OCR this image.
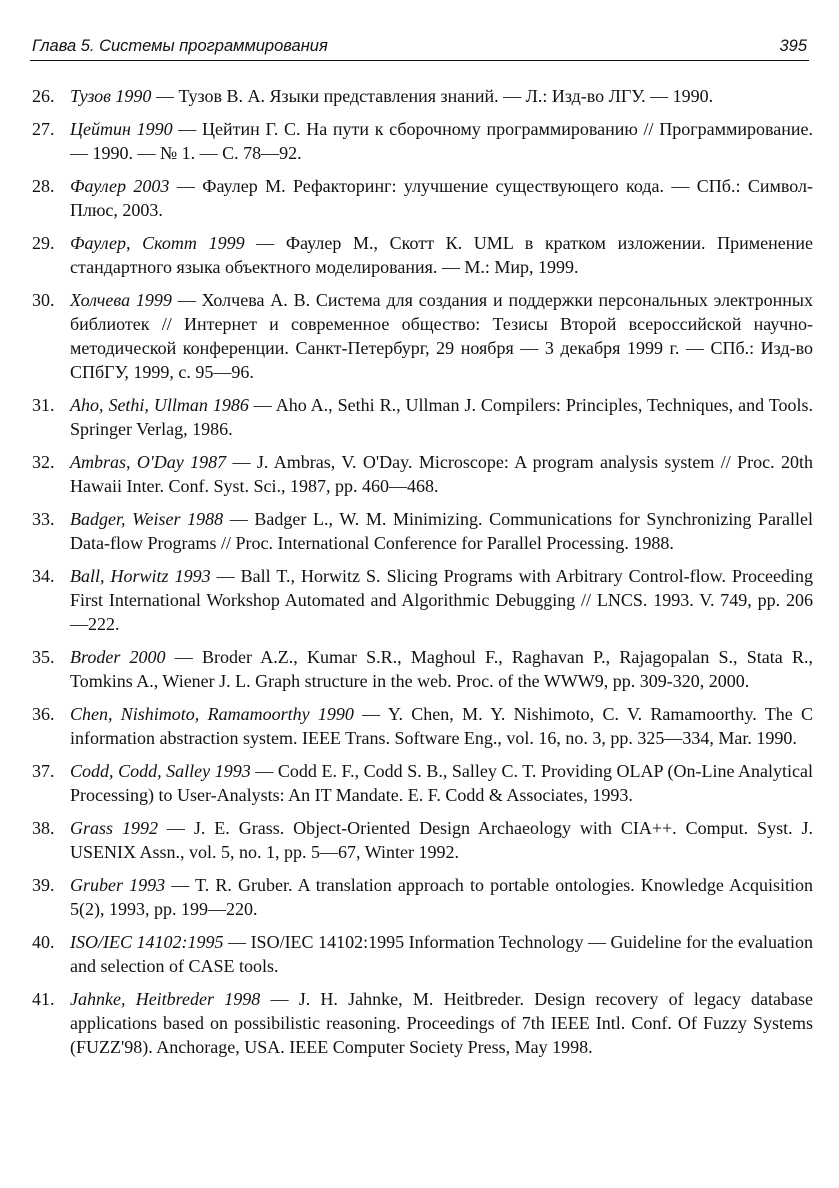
Глава 5. Системы программирования	395
26. Тузов 1990 — Тузов В. А. Языки представления знаний. — Л.: Изд-во ЛГУ. — 1990.
27. Цейтин 1990 — Цейтин Г. С. На пути к сборочному программированию // Программирование. — 1990. — № 1. — С. 78—92.
28. Фаулер 2003 — Фаулер М. Рефакторинг: улучшение существующего кода. — СПб.: Символ-Плюс, 2003.
29. Фаулер, Скотт 1999 — Фаулер М., Скотт К. UML в кратком изложении. Применение стандартного языка объектного моделирования. — М.: Мир, 1999.
30. Холчева 1999 — Холчева А. В. Система для создания и поддержки персональных электронных библиотек // Интернет и современное общество: Тезисы Второй всероссийской научно-методической конференции. Санкт-Петербург, 29 ноября — 3 декабря 1999 г. — СПб.: Изд-во СПбГУ, 1999, с. 95—96.
31. Aho, Sethi, Ullman 1986 — Aho A., Sethi R., Ullman J. Compilers: Principles, Techniques, and Tools. Springer Verlag, 1986.
32. Ambras, O'Day 1987 — J. Ambras, V. O'Day. Microscope: A program analysis system // Proc. 20th Hawaii Inter. Conf. Syst. Sci., 1987, pp. 460—468.
33. Badger, Weiser 1988 — Badger L., W. M. Minimizing. Communications for Synchronizing Parallel Data-flow Programs // Proc. International Conference for Parallel Processing. 1988.
34. Ball, Horwitz 1993 — Ball T., Horwitz S. Slicing Programs with Arbitrary Control-flow. Proceeding First International Workshop Automated and Algorithmic Debugging // LNCS. 1993. V. 749, pp. 206—222.
35. Broder 2000 — Broder A.Z., Kumar S.R., Maghoul F., Raghavan P., Rajagopalan S., Stata R., Tomkins A., Wiener J. L. Graph structure in the web. Proc. of the WWW9, pp. 309-320, 2000.
36. Chen, Nishimoto, Ramamoorthy 1990 — Y. Chen, M. Y. Nishimoto, C. V. Ramamoorthy. The C information abstraction system. IEEE Trans. Software Eng., vol. 16, no. 3, pp. 325—334, Mar. 1990.
37. Codd, Codd, Salley 1993 — Codd E. F., Codd S. B., Salley C. T. Providing OLAP (On-Line Analytical Processing) to User-Analysts: An IT Mandate. E. F. Codd & Associates, 1993.
38. Grass 1992 — J. E. Grass. Object-Oriented Design Archaeology with CIA++. Comput. Syst. J. USENIX Assn., vol. 5, no. 1, pp. 5—67, Winter 1992.
39. Gruber 1993 — T. R. Gruber. A translation approach to portable ontologies. Knowledge Acquisition 5(2), 1993, pp. 199—220.
40. ISO/IEC 14102:1995 — ISO/IEC 14102:1995 Information Technology — Guideline for the evaluation and selection of CASE tools.
41. Jahnke, Heitbreder 1998 — J. H. Jahnke, M. Heitbreder. Design recovery of legacy database applications based on possibilistic reasoning. Proceedings of 7th IEEE Intl. Conf. Of Fuzzy Systems (FUZZ'98). Anchorage, USA. IEEE Computer Society Press, May 1998.
